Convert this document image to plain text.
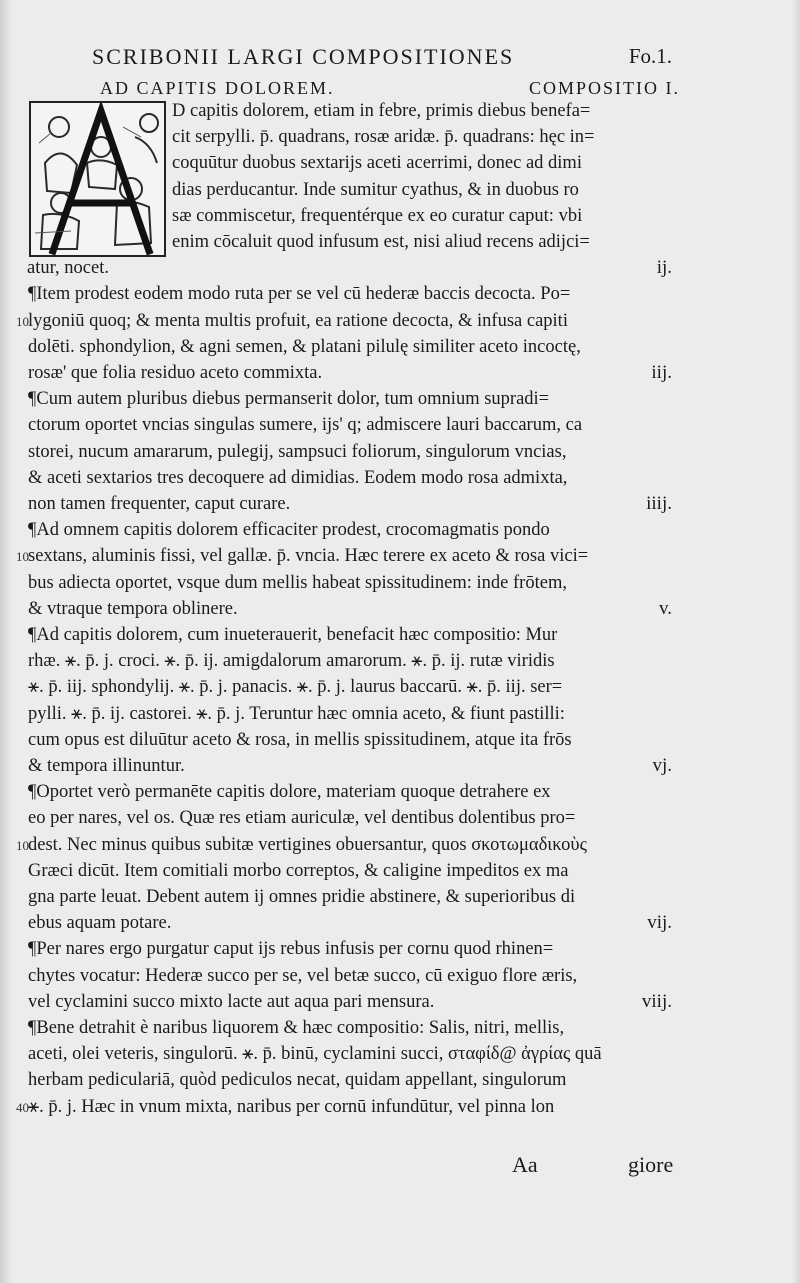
SCRIBONII LARGI COMPOSITIONES	Fo.1.
AD CAPITIS DOLOREM.	COMPOSITIO I.
D capitis dolorem, etiam in febre, primis diebus benefa=
cit serpylli. p̄. quadrans, rosæ aridæ. p̄. quadrans: hęc in=
coquūtur duobus sextarijs aceti acerrimi, donec ad dimi
dias perducantur. Inde sumitur cyathus, & in duobus ro
sæ commiscetur, frequentérque ex eo curatur caput: vbi
enim cōcaluit quod infusum est, nisi aliud recens adijci=
atur, nocet.
¶Item prodest eodem modo ruta per se vel cū hederæ baccis decocta. Po=
lygoniū quoq; & menta multis profuit, ea ratione decocta, & infusa capiti
dolēti. sphondylion, & agni semen, & platani pilulę similiter aceto incoctę,
rosæ' que folia residuo aceto commixta.
¶Cum autem pluribus diebus permanserit dolor, tum omnium supradi=
ctorum oportet vncias singulas sumere, ijs' q; admiscere lauri baccarum, ca
storei, nucum amararum, pulegij, sampsuci foliorum, singulorum vncias,
& aceti sextarios tres decoquere ad dimidias. Eodem modo rosa admixta,
non tamen frequenter, caput curare.
¶Ad omnem capitis dolorem efficaciter prodest, crocomagmatis pondo
sextans, aluminis fissi, vel gallæ. p̄. vncia. Hæc terere ex aceto & rosa vici=
bus adiecta oportet, vsque dum mellis habeat spissitudinem: inde frōtem,
& vtraque tempora oblinere.
¶Ad capitis dolorem, cum inueterauerit, benefacit hæc compositio: Mur
rhæ. ⚹. p̄. j. croci. ⚹. p̄. ij. amigdalorum amarorum. ⚹. p̄. ij. rutæ viridis
⚹. p̄. iij. sphondylij. ⚹. p̄. j. panacis. ⚹. p̄. j. laurus baccarū. ⚹. p̄. iij. ser=
pylli. ⚹. p̄. ij. castorei. ⚹. p̄. j. Teruntur hæc omnia aceto, & fiunt pastilli:
cum opus est diluūtur aceto & rosa, in mellis spissitudinem, atque ita frōs
& tempora illinuntur.
¶Oportet verò permanēte capitis dolore, materiam quoque detrahere ex
eo per nares, vel os. Quæ res etiam auriculæ, vel dentibus dolentibus pro=
dest. Nec minus quibus subitæ vertigines obuersantur, quos σκοτωμαδικοὺς
Græci dicūt. Item comitiali morbo correptos, & caligine impeditos ex ma
gna parte leuat. Debent autem ij omnes pridie abstinere, & superioribus di
ebus aquam potare.
¶Per nares ergo purgatur caput ijs rebus infusis per cornu quod rhinen=
chytes vocatur: Hederæ succo per se, vel betæ succo, cū exiguo flore æris,
vel cyclamini succo mixto lacte aut aqua pari mensura.
¶Bene detrahit è naribus liquorem & hæc compositio: Salis, nitri, mellis,
aceti, olei veteris, singulorū. ⚹. p̄. binū, cyclamini succi, σταφίδ@ ἀγρίας quā
herbam pediculariā, quòd pediculos necat, quidam appellant, singulorum
⚹. p̄. j. Hæc in vnum mixta, naribus per cornū infundūtur, vel pinna lon
ij.
iij.
iiij.
v.
vj.
vij.
viij.
10
10
10
40
Aa	giore
